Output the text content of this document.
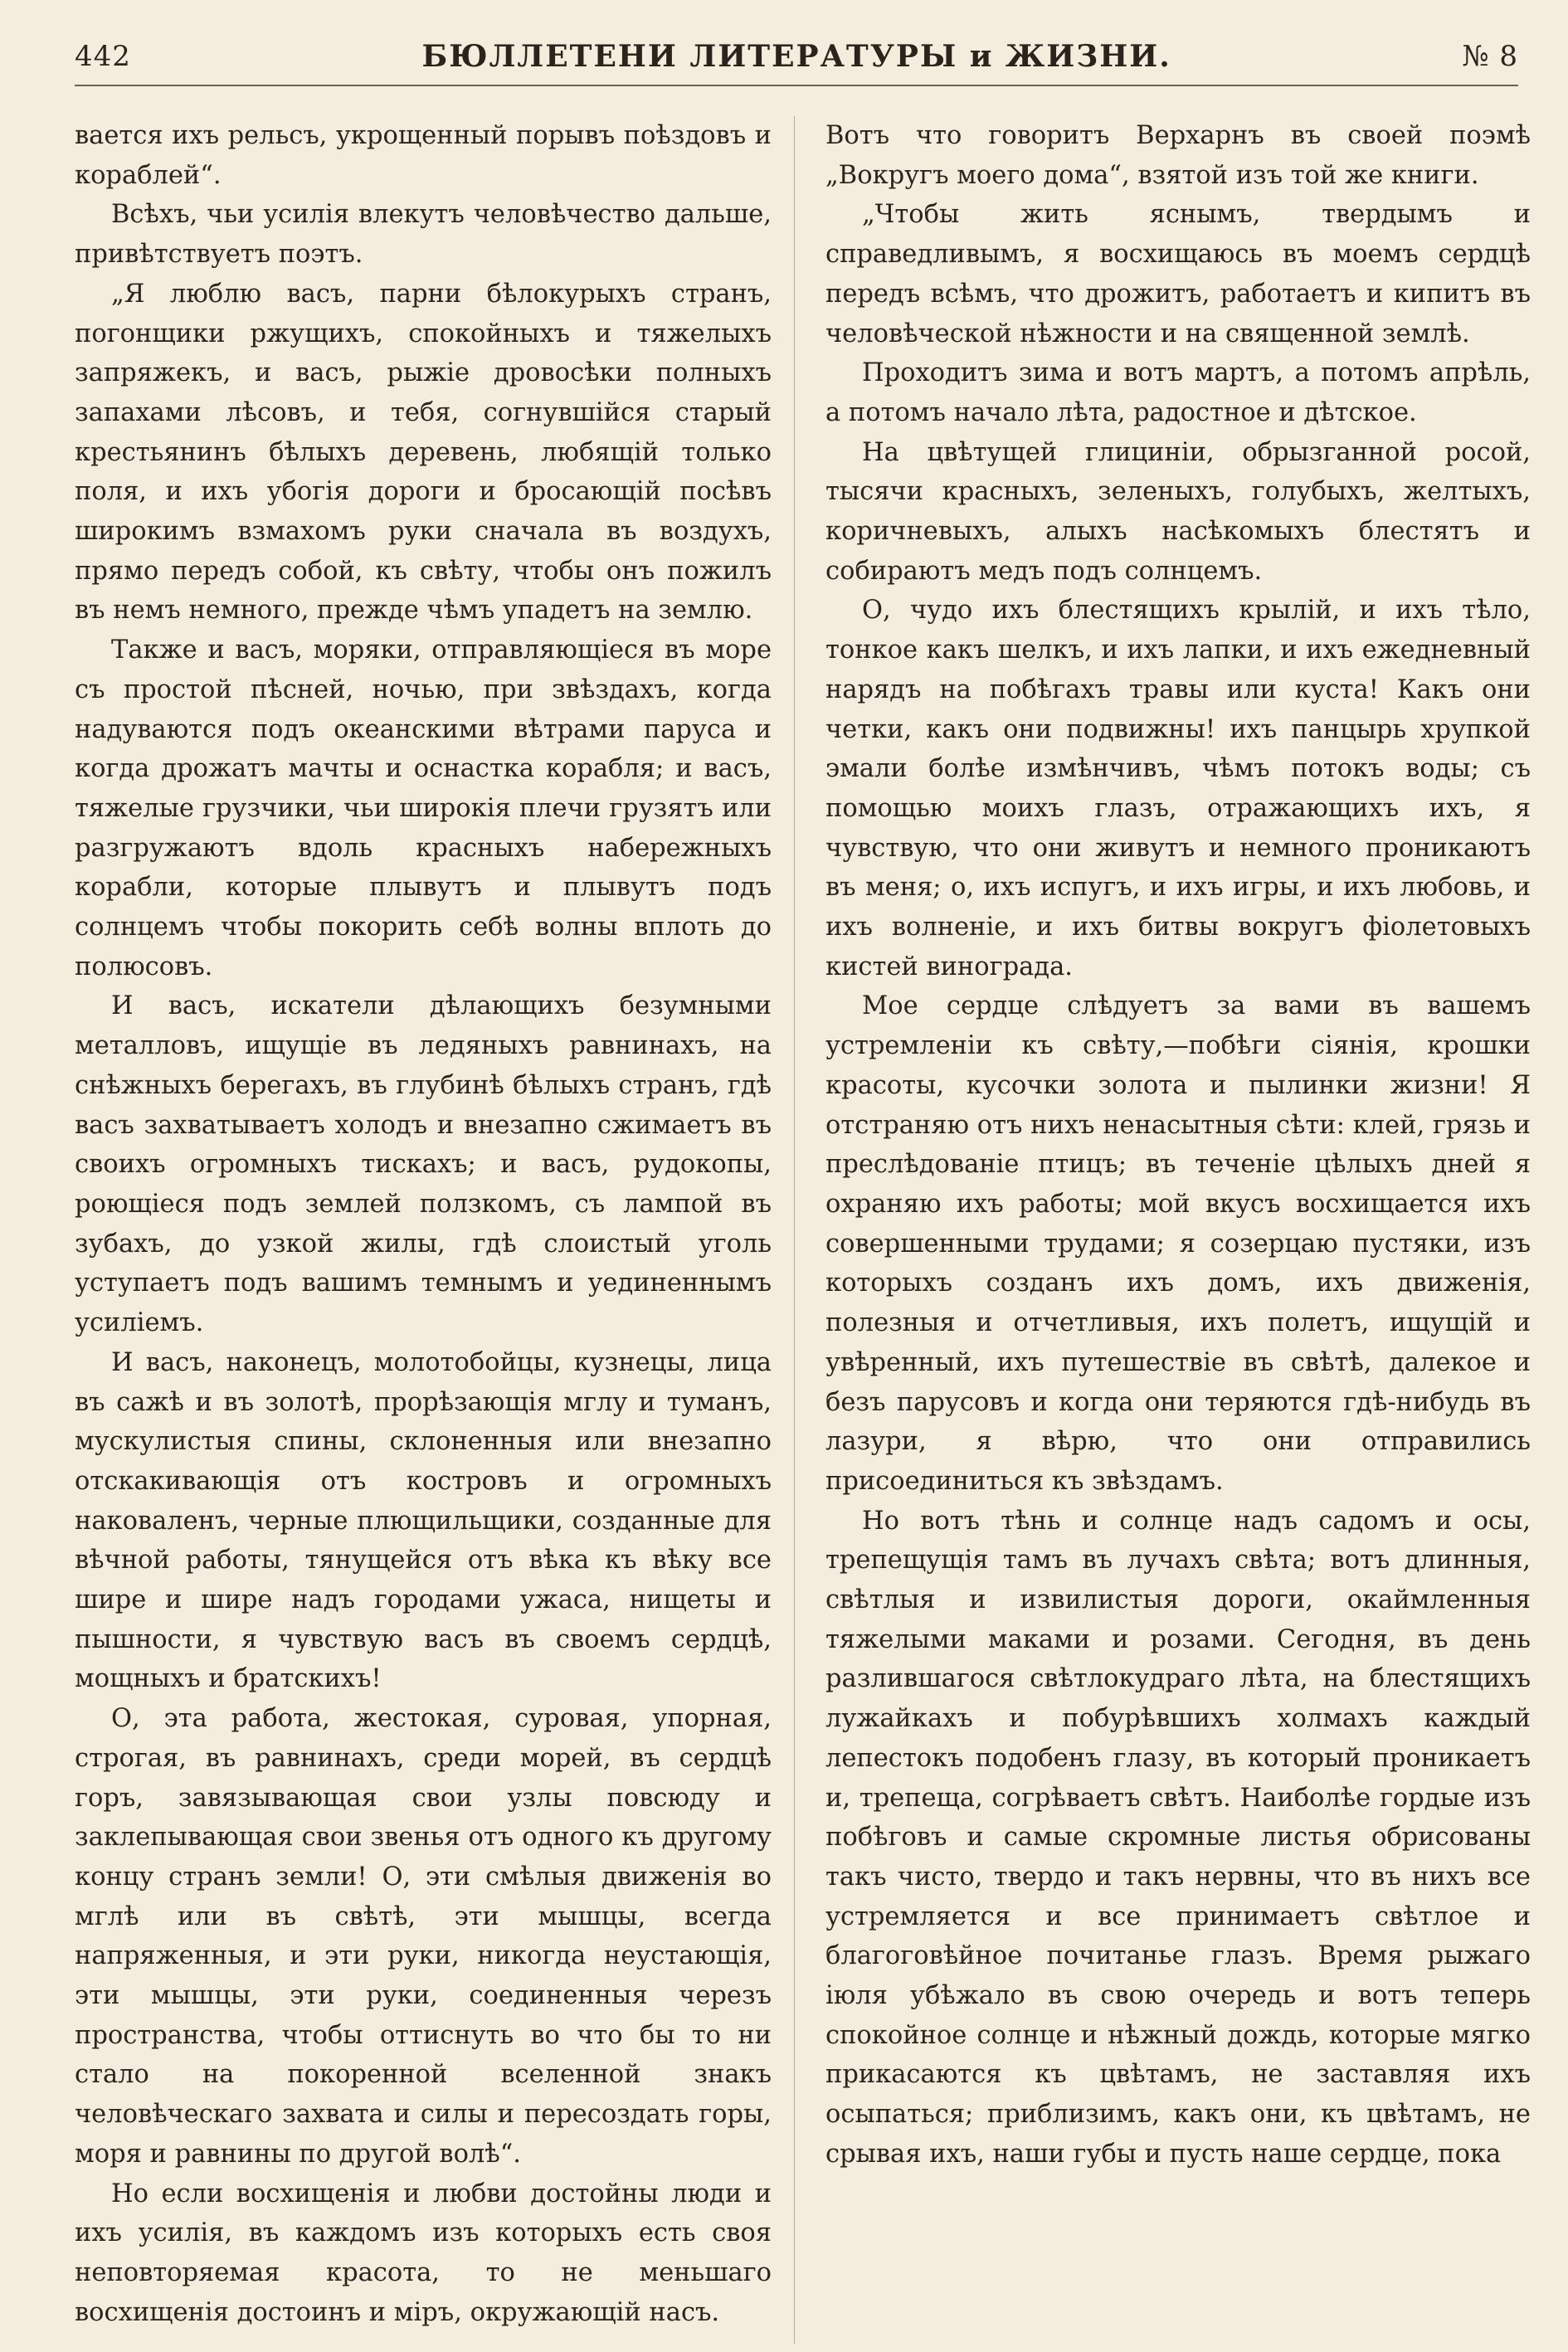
442	БЮЛЛЕТЕНИ ЛИТЕРАТУРЫ и ЖИЗНИ.	№ 8

вается ихъ рельсъ, укрощенный порывъ поѣздовъ и кораблей“.

Всѣхъ, чьи усилія влекутъ человѣчество дальше, привѣтствуетъ поэтъ.

„Я люблю васъ, парни бѣлокурыхъ странъ, погонщики ржущихъ, спокойныхъ и тяжелыхъ запряжекъ, и васъ, рыжіе дровосѣки полныхъ запахами лѣсовъ, и тебя, согнувшійся старый крестьянинъ бѣлыхъ деревень, любящій только поля, и ихъ убогія дороги и бросающій посѣвъ широкимъ взмахомъ руки сначала въ воздухъ, прямо передъ собой, къ свѣту, чтобы онъ пожилъ въ немъ немного, прежде чѣмъ упадетъ на землю.

Также и васъ, моряки, отправляющіеся въ море съ простой пѣсней, ночью, при звѣздахъ, когда надуваются подъ океанскими вѣтрами паруса и когда дрожатъ мачты и оснастка корабля; и васъ, тяжелые грузчики, чьи широкія плечи грузятъ или разгружаютъ вдоль красныхъ набережныхъ корабли, которые плывутъ и плывутъ подъ солнцемъ чтобы покорить себѣ волны вплоть до полюсовъ.

И васъ, искатели дѣлающихъ безумными металловъ, ищущіе въ ледяныхъ равнинахъ, на снѣжныхъ берегахъ, въ глубинѣ бѣлыхъ странъ, гдѣ васъ захватываетъ холодъ и внезапно сжимаетъ въ своихъ огромныхъ тискахъ; и васъ, рудокопы, роющіеся подъ землей ползкомъ, съ лампой въ зубахъ, до узкой жилы, гдѣ слоистый уголь уступаетъ подъ вашимъ темнымъ и уединеннымъ усиліемъ.

И васъ, наконецъ, молотобойцы, кузнецы, лица въ сажѣ и въ золотѣ, прорѣзающія мглу и туманъ, мускулистыя спины, склоненныя или внезапно отскакивающія отъ костровъ и огромныхъ наковаленъ, черные плющильщики, созданные для вѣчной работы, тянущейся отъ вѣка къ вѣку все шире и шире надъ городами ужаса, нищеты и пышности, я чувствую васъ въ своемъ сердцѣ, мощныхъ и братскихъ!

О, эта работа, жестокая, суровая, упорная, строгая, въ равнинахъ, среди морей, въ сердцѣ горъ, завязывающая свои узлы повсюду и заклепывающая свои звенья отъ одного къ другому концу странъ земли! О, эти смѣлыя движенія во мглѣ или въ свѣтѣ, эти мышцы, всегда напряженныя, и эти руки, никогда неустающія, эти мышцы, эти руки, соединенныя черезъ пространства, чтобы оттиснуть во что бы то ни стало на покоренной вселенной знакъ человѣческаго захвата и силы и пересоздать горы, моря и равнины по другой волѣ“.

Но если восхищенія и любви достойны люди и ихъ усилія, въ каждомъ изъ которыхъ есть своя неповторяемая красота, то не меньшаго восхищенія достоинъ и міръ, окружающій насъ.

Вотъ что говоритъ Верхарнъ въ своей поэмѣ „Вокругъ моего дома“, взятой изъ той же книги.

„Чтобы жить яснымъ, твердымъ и справедливымъ, я восхищаюсь въ моемъ сердцѣ передъ всѣмъ, что дрожитъ, работаетъ и кипитъ въ человѣческой нѣжности и на священной землѣ.

Проходитъ зима и вотъ мартъ, а потомъ апрѣль, а потомъ начало лѣта, радостное и дѣтское.

На цвѣтущей глициніи, обрызганной росой, тысячи красныхъ, зеленыхъ, голубыхъ, желтыхъ, коричневыхъ, алыхъ насѣкомыхъ блестятъ и собираютъ медъ подъ солнцемъ.

О, чудо ихъ блестящихъ крылій, и ихъ тѣло, тонкое какъ шелкъ, и ихъ лапки, и ихъ ежедневный нарядъ на побѣгахъ травы или куста! Какъ они четки, какъ они подвижны! ихъ панцырь хрупкой эмали болѣе измѣнчивъ, чѣмъ потокъ воды; съ помощью моихъ глазъ, отражающихъ ихъ, я чувствую, что они живутъ и немного проникаютъ въ меня; о, ихъ испугъ, и ихъ игры, и ихъ любовь, и ихъ волненіе, и ихъ битвы вокругъ фіолетовыхъ кистей винограда.

Мое сердце слѣдуетъ за вами въ вашемъ устремленіи къ свѣту,—побѣги сіянія, крошки красоты, кусочки золота и пылинки жизни! Я отстраняю отъ нихъ ненасытныя сѣти: клей, грязь и преслѣдованіе птицъ; въ теченіе цѣлыхъ дней я охраняю ихъ работы; мой вкусъ восхищается ихъ совершенными трудами; я созерцаю пустяки, изъ которыхъ созданъ ихъ домъ, ихъ движенія, полезныя и отчетливыя, ихъ полетъ, ищущій и увѣренный, ихъ путешествіе въ свѣтѣ, далекое и безъ парусовъ и когда они теряются гдѣ-нибудь въ лазури, я вѣрю, что они отправились присоединиться къ звѣздамъ.

Но вотъ тѣнь и солнце надъ садомъ и осы, трепещущія тамъ въ лучахъ свѣта; вотъ длинныя, свѣтлыя и извилистыя дороги, окаймленныя тяжелыми маками и розами. Сегодня, въ день разлившагося свѣтлокудраго лѣта, на блестящихъ лужайкахъ и побурѣвшихъ холмахъ каждый лепестокъ подобенъ глазу, въ который проникаетъ и, трепеща, согрѣваетъ свѣтъ. Наиболѣе гордые изъ побѣговъ и самые скромные листья обрисованы такъ чисто, твердо и такъ нервны, что въ нихъ все устремляется и все принимаетъ свѣтлое и благоговѣйное почитанье глазъ. Время рыжаго іюля убѣжало въ свою очередь и вотъ теперь спокойное солнце и нѣжный дождь, которые мягко прикасаются къ цвѣтамъ, не заставляя ихъ осыпаться; приблизимъ, какъ они, къ цвѣтамъ, не срывая ихъ, наши губы и пусть наше сердце, пока
